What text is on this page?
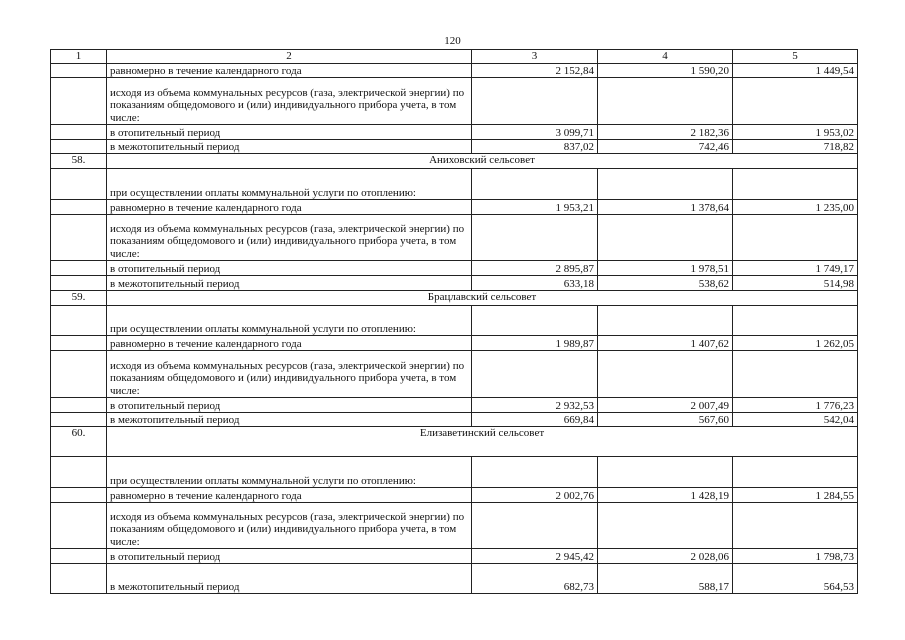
120
1	2	3	4	5
	равномерно в течение календарного года	2 152,84	1 590,20	1 449,54
	исходя из объема коммунальных ресурсов (газа, электрической энергии) по показаниям общедомового и (или) индивидуального прибора учета, в том числе:			
	в отопительный период	3 099,71	2 182,36	1 953,02
	в межотопительный период	837,02	742,46	718,82
58.	Аниховский сельсовет			
	при осуществлении оплаты коммунальной услуги по отоплению:			
	равномерно в течение календарного года	1 953,21	1 378,64	1 235,00
	исходя из объема коммунальных ресурсов (газа, электрической энергии) по показаниям общедомового и (или) индивидуального прибора учета, в том числе:			
	в отопительный период	2 895,87	1 978,51	1 749,17
	в межотопительный период	633,18	538,62	514,98
59.	Брацлавский сельсовет			
	при осуществлении оплаты коммунальной услуги по отоплению:			
	равномерно в течение календарного года	1 989,87	1 407,62	1 262,05
	исходя из объема коммунальных ресурсов (газа, электрической энергии) по показаниям общедомового и (или) индивидуального прибора учета, в том числе:			
	в отопительный период	2 932,53	2 007,49	1 776,23
	в межотопительный период	669,84	567,60	542,04
60.	Елизаветинский сельсовет			
	при осуществлении оплаты коммунальной услуги по отоплению:			
	равномерно в течение календарного года	2 002,76	1 428,19	1 284,55
	исходя из объема коммунальных ресурсов (газа, электрической энергии) по показаниям общедомового и (или) индивидуального прибора учета, в том числе:			
	в отопительный период	2 945,42	2 028,06	1 798,73
	в межотопительный период	682,73	588,17	564,53
